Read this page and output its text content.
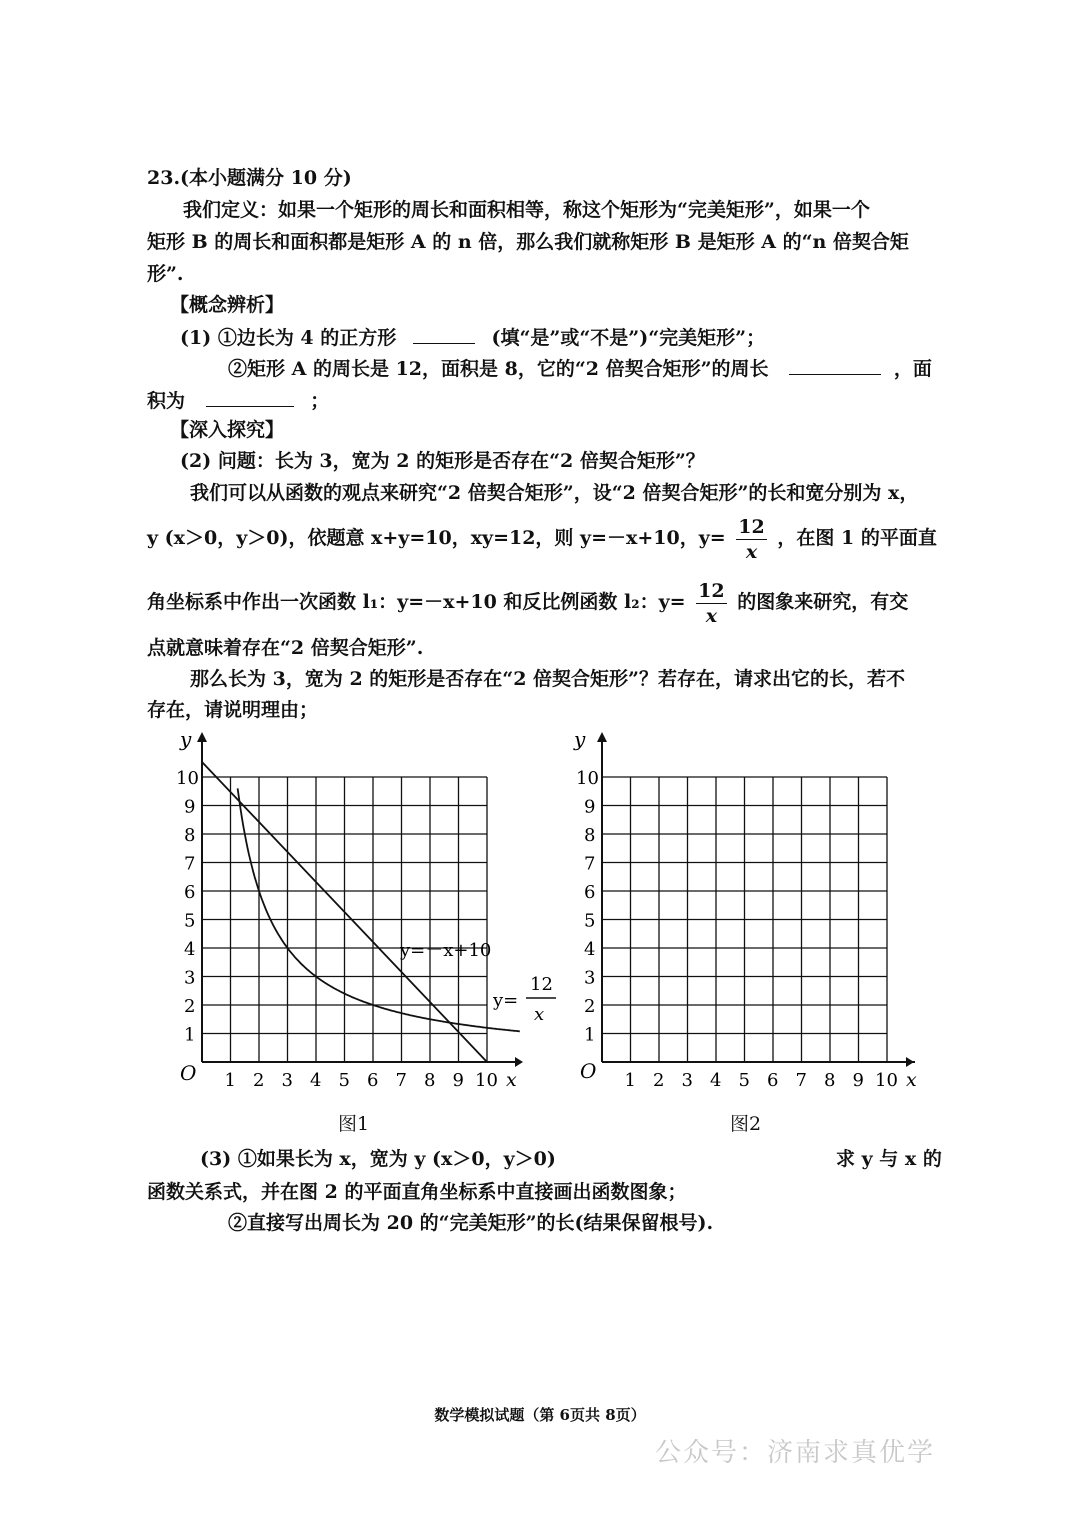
23.(本小题满分 10 分)
我们定义：如果一个矩形的周长和面积相等，称这个矩形为“完美矩形”，如果一个
矩形 B 的周长和面积都是矩形 A 的 n 倍，那么我们就称矩形 B 是矩形 A 的“n 倍契合矩
形”.
【概念辨析】
(1) ①边长为 4 的正方形	(填“是”或“不是”)“完美矩形”；
②矩形 A 的周长是 12，面积是 8，它的“2 倍契合矩形”的周长	，面
积为	；
【深入探究】
(2) 问题：长为 3，宽为 2 的矩形是否存在“2 倍契合矩形”？
我们可以从函数的观点来研究“2 倍契合矩形”，设“2 倍契合矩形”的长和宽分别为 x，
y (x＞0，y＞0)，依题意 x+y=10，xy=12，则 y=－x+10，$y= \frac{12}{x}$ ，在图 1 的平面直
角坐标系中作出一次函数 l₁：y=－x+10 和反比例函数 l₂：$y= \frac{12}{x}$ 的图象来研究，有交
点就意味着存在“2 倍契合矩形”.
那么长为 3，宽为 2 的矩形是否存在“2 倍契合矩形”？若存在，请求出它的长，若不
存在，请说明理由；
y
O 1 2 3 4 5 6 7 8 9 10
1
2
3
4
5
6
7
8
9
10
x
y=－x+10
y=
12
x
图1
y
O 1 2 3 4 5 6 7 8 9 10
1
2
3
4
5
6
7
8
9
10
x
图2
(3) ①如果长为 x，宽为 y (x＞0，y＞0)	求 y 与 x 的
函数关系式，并在图 2 的平面直角坐标系中直接画出函数图象；
②直接写出周长为 20 的“完美矩形”的长(结果保留根号).
数学模拟试题（第 6页共 8页）
公众号：济南求真优学
